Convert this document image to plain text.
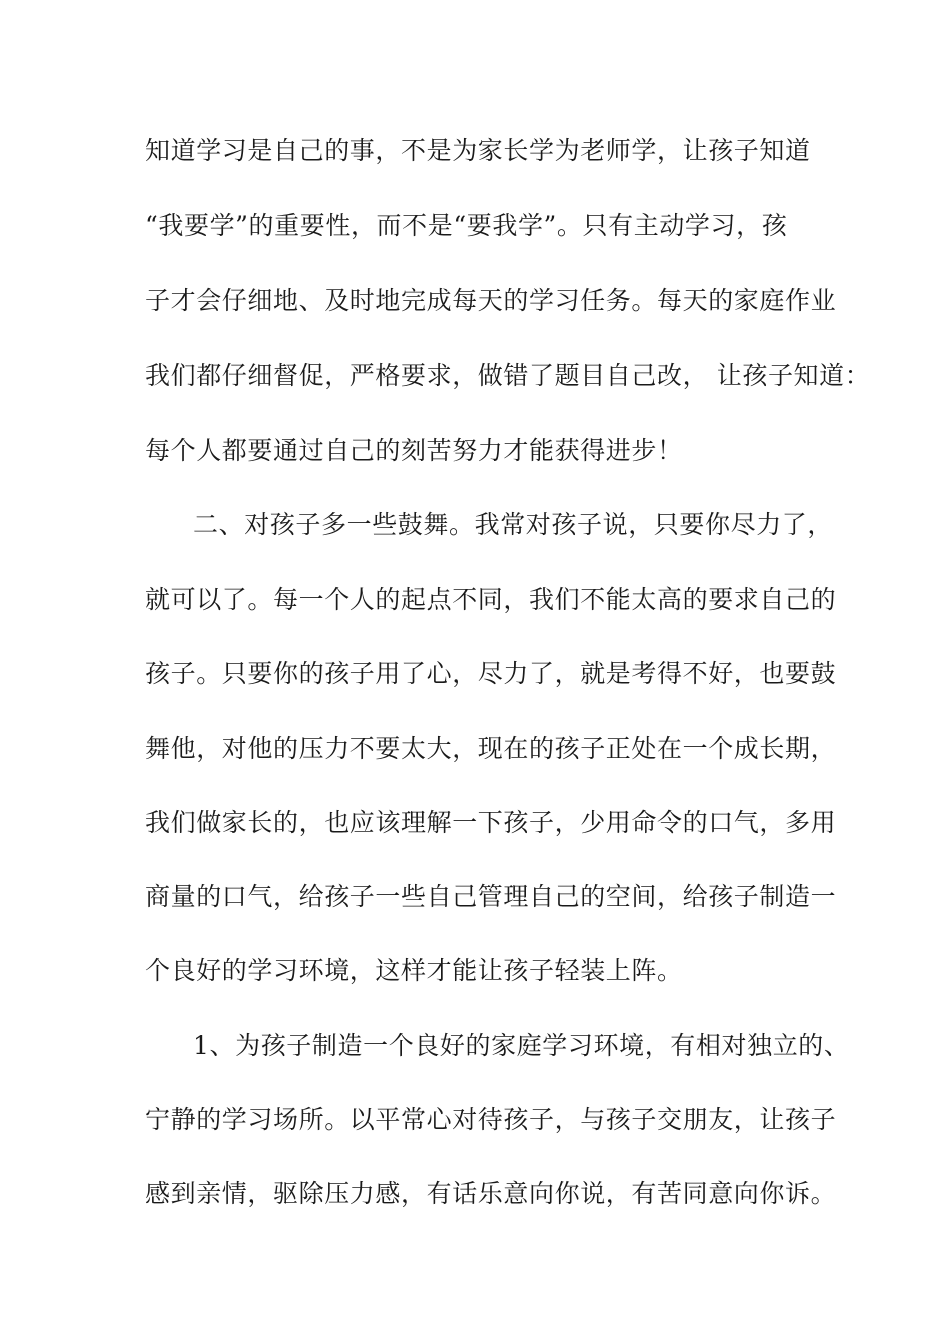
知道学习是自己的事，不是为家长学为老师学，让孩子知道
“我要学”的重要性，而不是“要我学”。只有主动学习，孩
子才会仔细地、及时地完成每天的学习任务。每天的家庭作业
我们都仔细督促，严格要求，做错了题目自己改， 让孩子知道：
每个人都要通过自己的刻苦努力才能获得进步！
二、对孩子多一些鼓舞。我常对孩子说，只要你尽力了，
就可以了。每一个人的起点不同，我们不能太高的要求自己的
孩子。只要你的孩子用了心，尽力了，就是考得不好，也要鼓
舞他，对他的压力不要太大，现在的孩子正处在一个成长期，
我们做家长的，也应该理解一下孩子，少用命令的口气，多用
商量的口气，给孩子一些自己管理自己的空间，给孩子制造一
个良好的学习环境，这样才能让孩子轻装上阵。
1、为孩子制造一个良好的家庭学习环境，有相对独立的、
宁静的学习场所。以平常心对待孩子，与孩子交朋友，让孩子
感到亲情，驱除压力感，有话乐意向你说，有苦同意向你诉。
